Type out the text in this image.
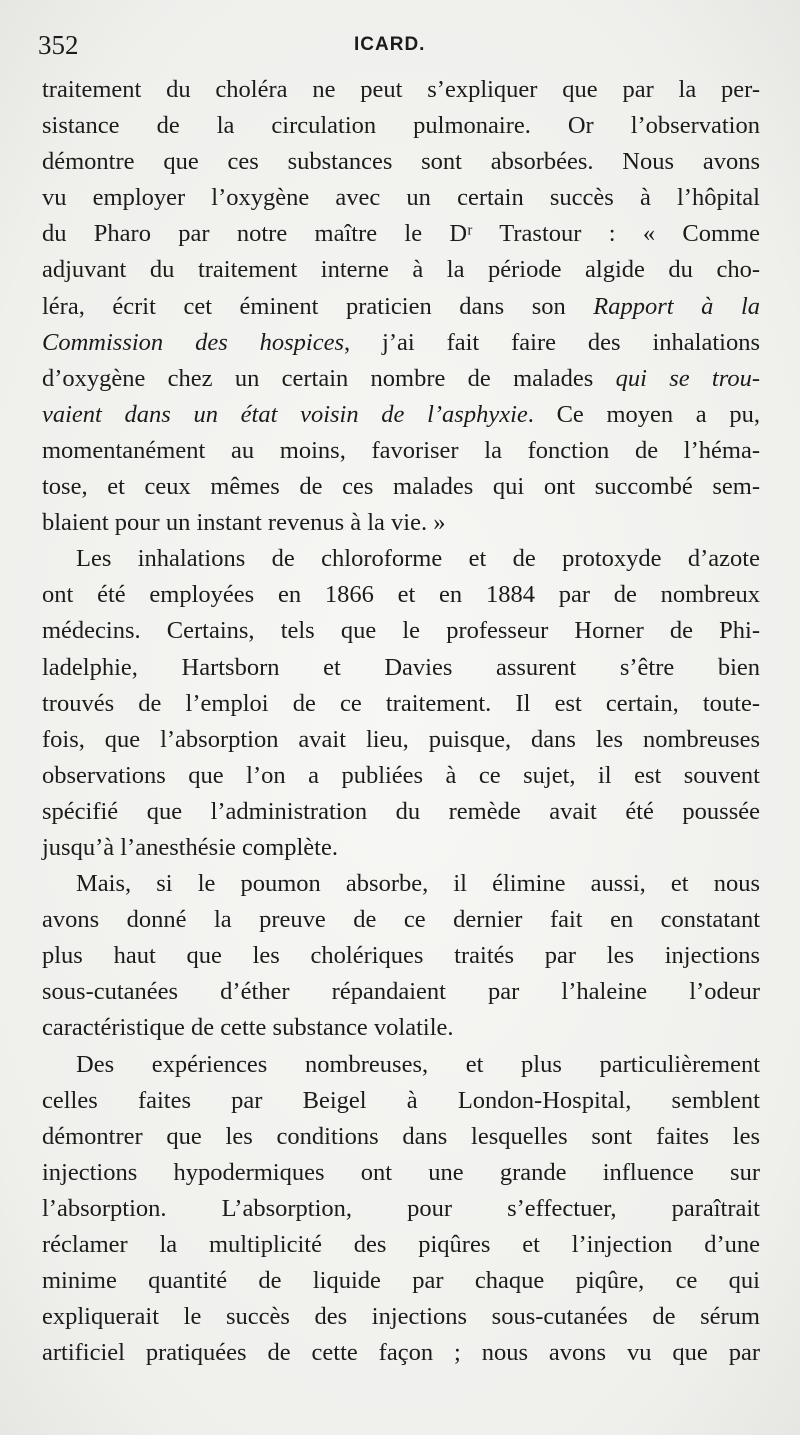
352	ICARD.
traitement du choléra ne peut s’expliquer que par la per-
sistance de la circulation pulmonaire. Or l’observation
démontre que ces substances sont absorbées. Nous avons
vu employer l’oxygène avec un certain succès à l’hôpital
du Pharo par notre maître le Dʳ Trastour : « Comme
adjuvant du traitement interne à la période algide du cho-
léra, écrit cet éminent praticien dans son Rapport à la
Commission des hospices, j’ai fait faire des inhalations
d’oxygène chez un certain nombre de malades qui se trou-
vaient dans un état voisin de l’asphyxie. Ce moyen a pu,
momentanément au moins, favoriser la fonction de l’héma-
tose, et ceux mêmes de ces malades qui ont succombé sem-
blaient pour un instant revenus à la vie. »
Les inhalations de chloroforme et de protoxyde d’azote
ont été employées en 1866 et en 1884 par de nombreux
médecins. Certains, tels que le professeur Horner de Phi-
ladelphie, Hartsborn et Davies assurent s’être bien
trouvés de l’emploi de ce traitement. Il est certain, toute-
fois, que l’absorption avait lieu, puisque, dans les nombreuses
observations que l’on a publiées à ce sujet, il est souvent
spécifié que l’administration du remède avait été poussée
jusqu’à l’anesthésie complète.
Mais, si le poumon absorbe, il élimine aussi, et nous
avons donné la preuve de ce dernier fait en constatant
plus haut que les cholériques traités par les injections
sous-cutanées d’éther répandaient par l’haleine l’odeur
caractéristique de cette substance volatile.
Des expériences nombreuses, et plus particulièrement
celles faites par Beigel à London-Hospital, semblent
démontrer que les conditions dans lesquelles sont faites les
injections hypodermiques ont une grande influence sur
l’absorption. L’absorption, pour s’effectuer, paraîtrait
réclamer la multiplicité des piqûres et l’injection d’une
minime quantité de liquide par chaque piqûre, ce qui
expliquerait le succès des injections sous-cutanées de sérum
artificiel pratiquées de cette façon ; nous avons vu que par
